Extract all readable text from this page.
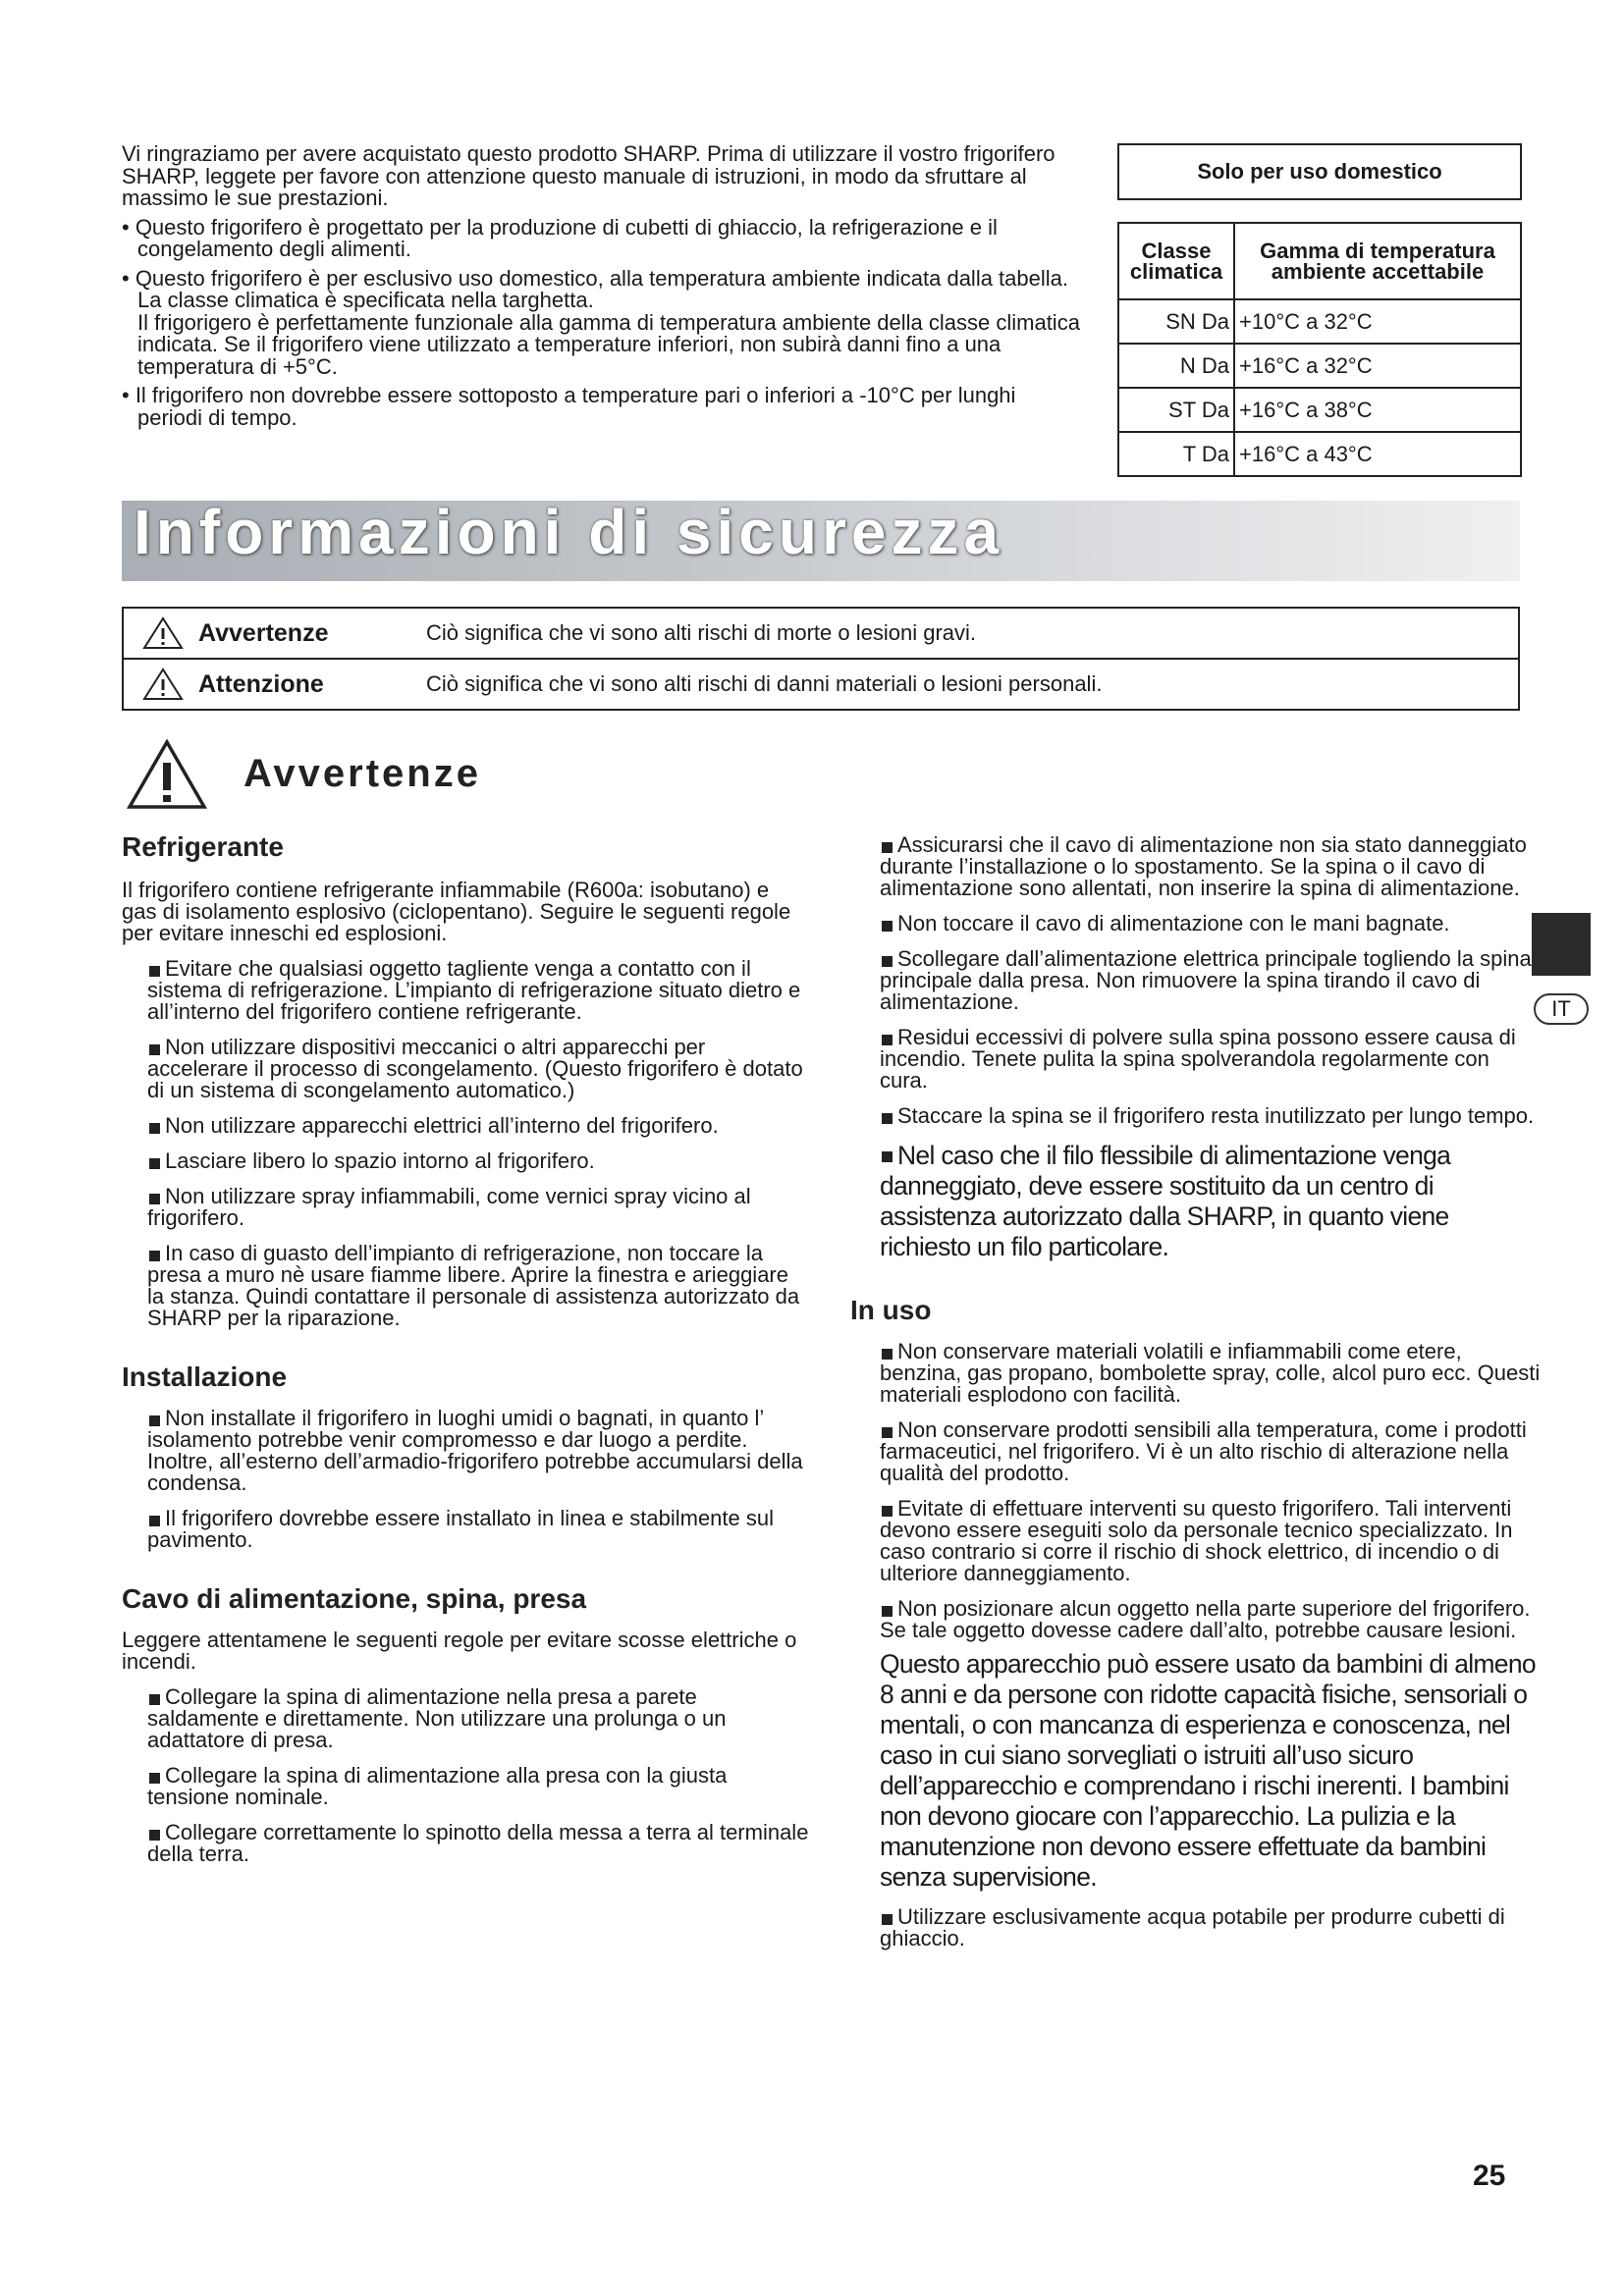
Vi ringraziamo per avere acquistato questo prodotto SHARP. Prima di utilizzare il vostro frigorifero SHARP, leggete per favore con attenzione questo manuale di istruzioni, in modo da sfruttare al massimo le sue prestazioni.

• Questo frigorifero è progettato per la produzione di cubetti di ghiaccio, la refrigerazione e il congelamento degli alimenti.

• Questo frigorifero è per esclusivo uso domestico, alla temperatura ambiente indicata dalla tabella. La classe climatica è specificata nella targhetta.

Il frigorigero è perfettamente funzionale alla gamma di temperatura ambiente della classe climatica indicata. Se il frigorifero viene utilizzato a temperature inferiori, non subirà danni fino a una temperatura di +5°C.

• Il frigorifero non dovrebbe essere sottoposto a temperature pari o inferiori a -10°C per lunghi periodi di tempo.

Solo per uso domestico
Classe climatica	Gamma di temperatura ambiente accettabile
SN Da	+10°C a 32°C
N Da	+16°C a 32°C
ST Da	+16°C a 38°C
T Da	+16°C a 43°C
Informazioni di sicurezza
Avvertenze	Ciò significa che vi sono alti rischi di morte o lesioni gravi.
Attenzione	Ciò significa che vi sono alti rischi di danni materiali o lesioni personali.
Avvertenze
Refrigerante

Il frigorifero contiene refrigerante infiammabile (R600a: isobutano) e gas di isolamento esplosivo (ciclopentano). Seguire le seguenti regole per evitare inneschi ed esplosioni.

Evitare che qualsiasi oggetto tagliente venga a contatto con il sistema di refrigerazione. L’impianto di refrigerazione situato dietro e all’interno del frigorifero contiene refrigerante.
Non utilizzare dispositivi meccanici o altri apparecchi per accelerare il processo di scongelamento. (Questo frigorifero è dotato di un sistema di scongelamento automatico.)
Non utilizzare apparecchi elettrici all’interno del frigorifero.
Lasciare libero lo spazio intorno al frigorifero.
Non utilizzare spray infiammabili, come vernici spray vicino al frigorifero.
In caso di guasto dell’impianto di refrigerazione, non toccare la presa a muro nè usare fiamme libere. Aprire la finestra e arieggiare la stanza. Quindi contattare il personale di assistenza autorizzato da SHARP per la riparazione.
Installazione
Non installate il frigorifero in luoghi umidi o bagnati, in quanto l’ isolamento potrebbe venir compromesso e dar luogo a perdite. Inoltre, all’esterno dell’armadio-frigorifero potrebbe accumularsi della condensa.
Il frigorifero dovrebbe essere installato in linea e stabilmente sul pavimento.
Cavo di alimentazione, spina, presa

Leggere attentamene le seguenti regole per evitare scosse elettriche o incendi.

Collegare la spina di alimentazione nella presa a parete saldamente e direttamente. Non utilizzare una prolunga o un adattatore di presa.
Collegare la spina di alimentazione alla presa con la giusta tensione nominale.
Collegare correttamente lo spinotto della messa a terra al terminale della terra.
Assicurarsi che il cavo di alimentazione non sia stato danneggiato durante l’installazione o lo spostamento. Se la spina o il cavo di alimentazione sono allentati, non inserire la spina di alimentazione.
Non toccare il cavo di alimentazione con le mani bagnate.
Scollegare dall’alimentazione elettrica principale togliendo la spina principale dalla presa. Non rimuovere la spina tirando il cavo di alimentazione.
Residui eccessivi di polvere sulla spina possono essere causa di incendio. Tenete pulita la spina spolverandola regolarmente con cura.
Staccare la spina se il frigorifero resta inutilizzato per lungo tempo.
Nel caso che il filo flessibile di alimentazione venga danneggiato, deve essere sostituito da un centro di assistenza autorizzato dalla SHARP, in quanto viene richiesto un filo particolare.
In uso
Non conservare materiali volatili e infiammabili come etere, benzina, gas propano, bombolette spray, colle, alcol puro ecc. Questi materiali esplodono con facilità.
Non conservare prodotti sensibili alla temperatura, come i prodotti farmaceutici, nel frigorifero. Vi è un alto rischio di alterazione nella qualità del prodotto.
Evitate di effettuare interventi su questo frigorifero. Tali interventi devono essere eseguiti solo da personale tecnico specializzato. In caso contrario si corre il rischio di shock elettrico, di incendio o di ulteriore danneggiamento.
Non posizionare alcun oggetto nella parte superiore del frigorifero. Se tale oggetto dovesse cadere dall’alto, potrebbe causare lesioni.
Questo apparecchio può essere usato da bambini di almeno 8 anni e da persone con ridotte capacità fisiche, sensoriali o mentali, o con mancanza di esperienza e conoscenza, nel caso in cui siano sorvegliati o istruiti all’uso sicuro dell’apparecchio e comprendano i rischi inerenti. I bambini non devono giocare con l’apparecchio. La pulizia e la manutenzione non devono essere effettuate da bambini senza supervisione.
Utilizzare esclusivamente acqua potabile per produrre cubetti di ghiaccio.
IT
25
